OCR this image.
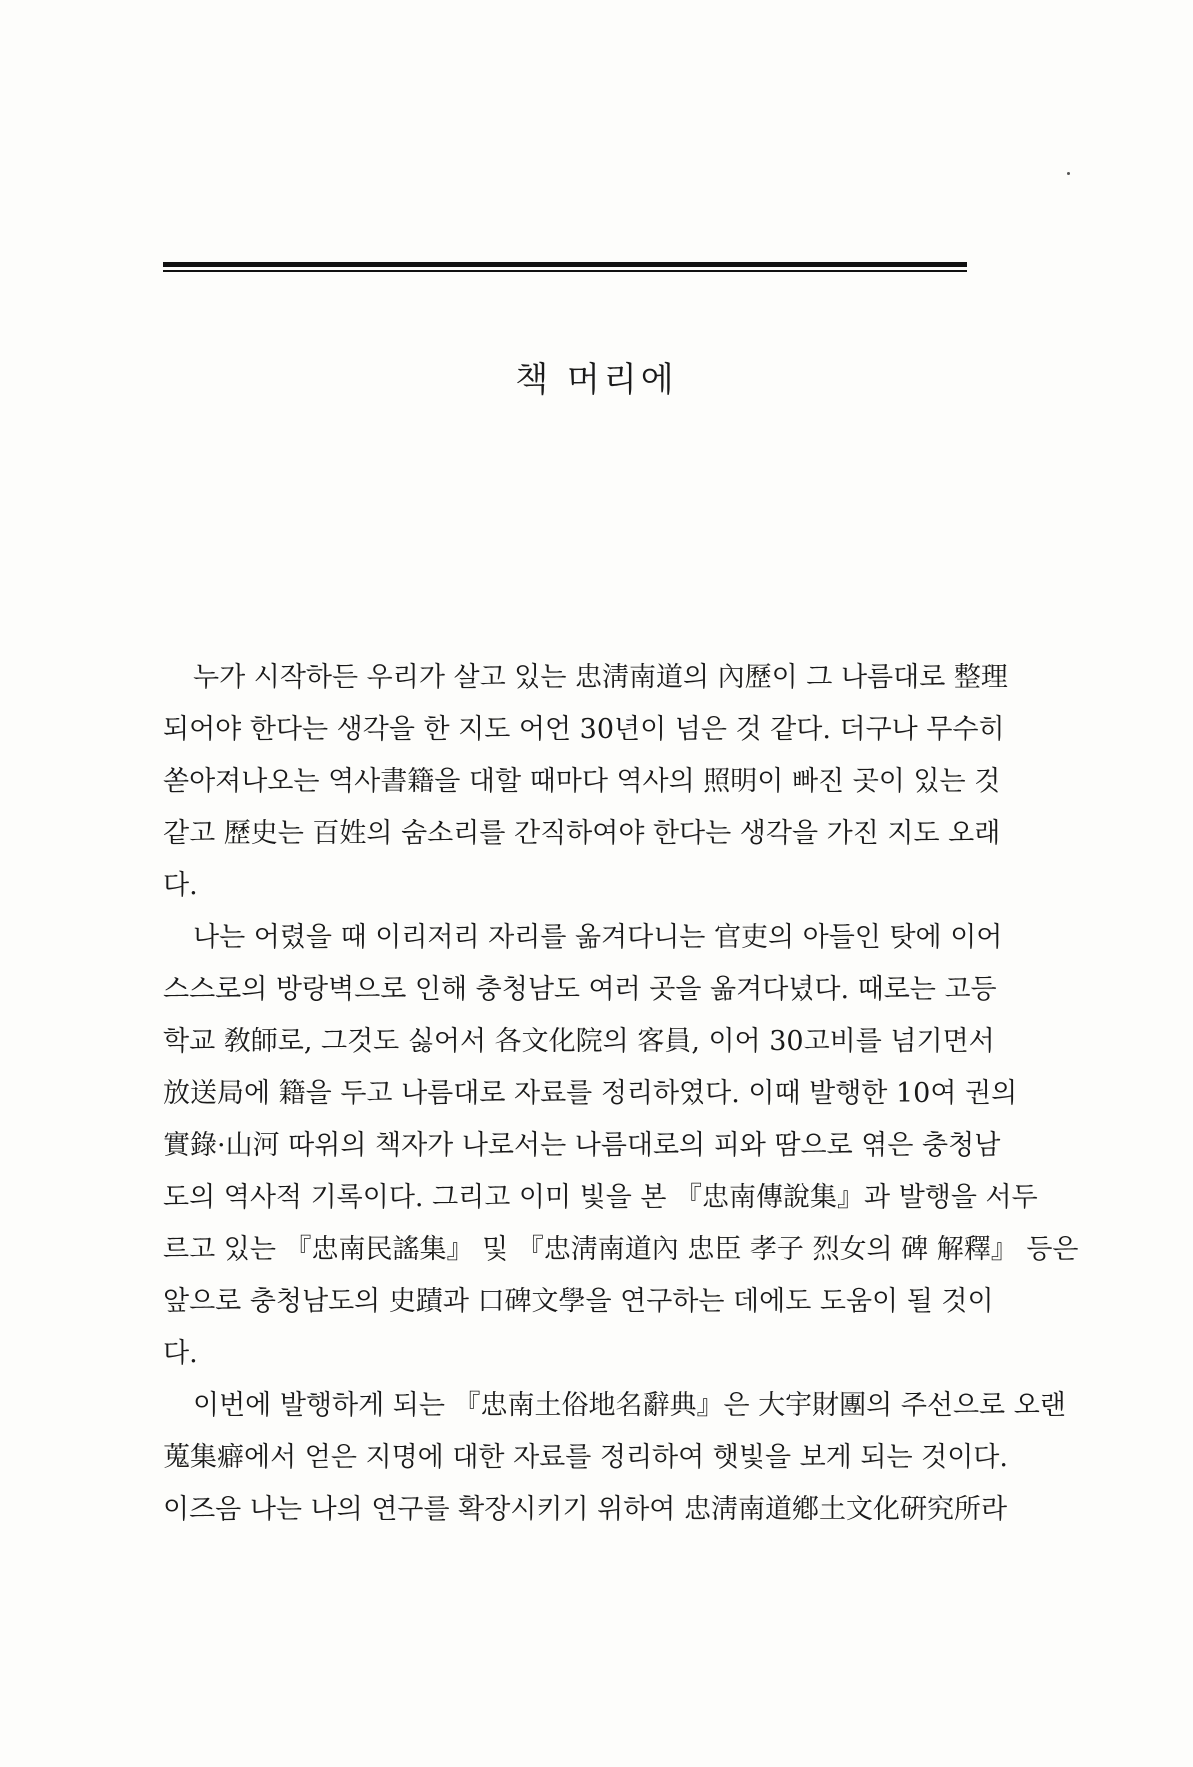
책 머리에
누가 시작하든 우리가 살고 있는 忠淸南道의 內歷이 그 나름대로 整理
되어야 한다는 생각을 한 지도 어언 30년이 넘은 것 같다. 더구나 무수히
쏟아져나오는 역사書籍을 대할 때마다 역사의 照明이 빠진 곳이 있는 것
같고 歷史는 百姓의 숨소리를 간직하여야 한다는 생각을 가진 지도 오래
다.
나는 어렸을 때 이리저리 자리를 옮겨다니는 官吏의 아들인 탓에 이어
스스로의 방랑벽으로 인해 충청남도 여러 곳을 옮겨다녔다. 때로는 고등
학교 敎師로, 그것도 싫어서 各文化院의 客員, 이어 30고비를 넘기면서
放送局에 籍을 두고 나름대로 자료를 정리하였다. 이때 발행한 10여 권의
實錄·山河 따위의 책자가 나로서는 나름대로의 피와 땀으로 엮은 충청남
도의 역사적 기록이다. 그리고 이미 빛을 본 『忠南傳說集』과 발행을 서두
르고 있는 『忠南民謠集』 및 『忠淸南道內 忠臣 孝子 烈女의 碑 解釋』 등은
앞으로 충청남도의 史蹟과 口碑文學을 연구하는 데에도 도움이 될 것이
다.
이번에 발행하게 되는 『忠南土俗地名辭典』은 大宇財團의 주선으로 오랜
蒐集癖에서 얻은 지명에 대한 자료를 정리하여 햇빛을 보게 되는 것이다.
이즈음 나는 나의 연구를 확장시키기 위하여 忠淸南道鄕土文化硏究所라
